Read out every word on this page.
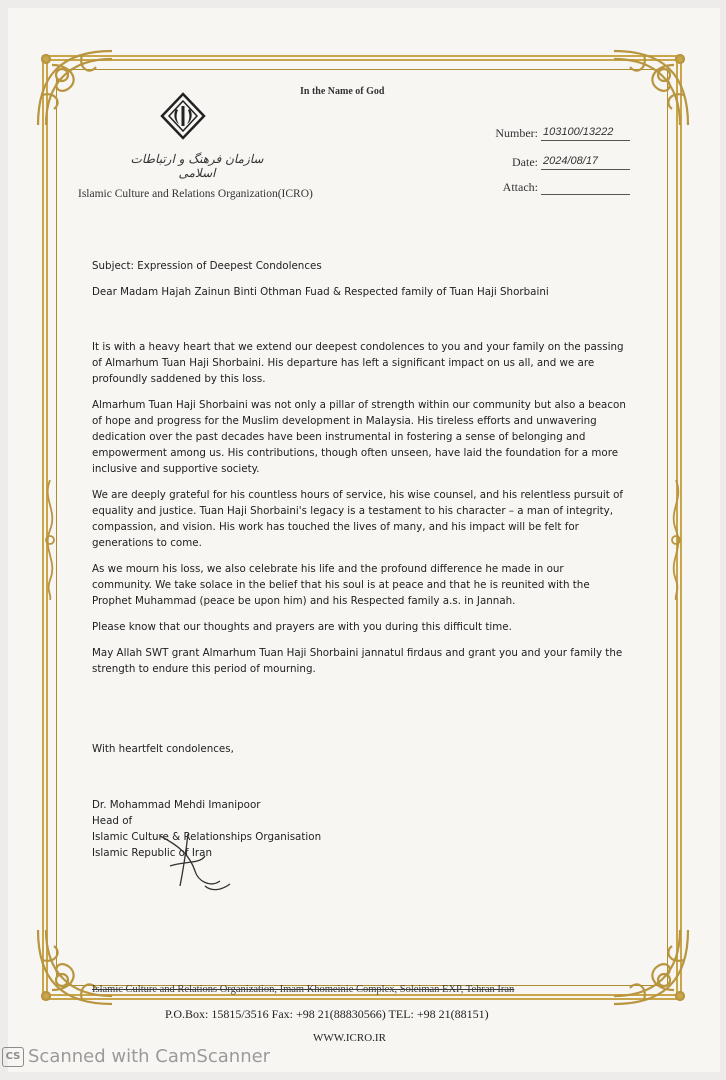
In the Name of God
سازمان فرهنگ و ارتباطات اسلامی
Islamic Culture and Relations Organization(ICRO)
Number: 103100/13222
Date: 2024/08/17
Attach:
Subject: Expression of Deepest Condolences
Dear Madam Hajah Zainun Binti Othman Fuad & Respected family of Tuan Haji Shorbaini

It is with a heavy heart that we extend our deepest condolences to you and your family on the passing of Almarhum Tuan Haji Shorbaini. His departure has left a significant impact on us all, and we are profoundly saddened by this loss.

Almarhum Tuan Haji Shorbaini was not only a pillar of strength within our community but also a beacon of hope and progress for the Muslim development in Malaysia. His tireless efforts and unwavering dedication over the past decades have been instrumental in fostering a sense of belonging and empowerment among us. His contributions, though often unseen, have laid the foundation for a more inclusive and supportive society.

We are deeply grateful for his countless hours of service, his wise counsel, and his relentless pursuit of equality and justice. Tuan Haji Shorbaini's legacy is a testament to his character – a man of integrity, compassion, and vision. His work has touched the lives of many, and his impact will be felt for generations to come.

As we mourn his loss, we also celebrate his life and the profound difference he made in our community. We take solace in the belief that his soul is at peace and that he is reunited with the Prophet Muhammad (peace be upon him) and his Respected family a.s. in Jannah.

Please know that our thoughts and prayers are with you during this difficult time.

May Allah SWT grant Almarhum Tuan Haji Shorbaini jannatul firdaus and grant you and your family the strength to endure this period of mourning.

With heartfelt condolences,
Dr. Mohammad Mehdi Imanipoor
Head of
Islamic Culture & Relationships Organisation
Islamic Republic of Iran
Islamic Culture and Relations Organization, Imam Khomeinie Complex, Soleiman EXP, Tehran Iran
P.O.Box: 15815/3516 Fax: +98 21(88830566) TEL: +98 21(88151)
WWW.ICRO.IR
CS Scanned with CamScanner
